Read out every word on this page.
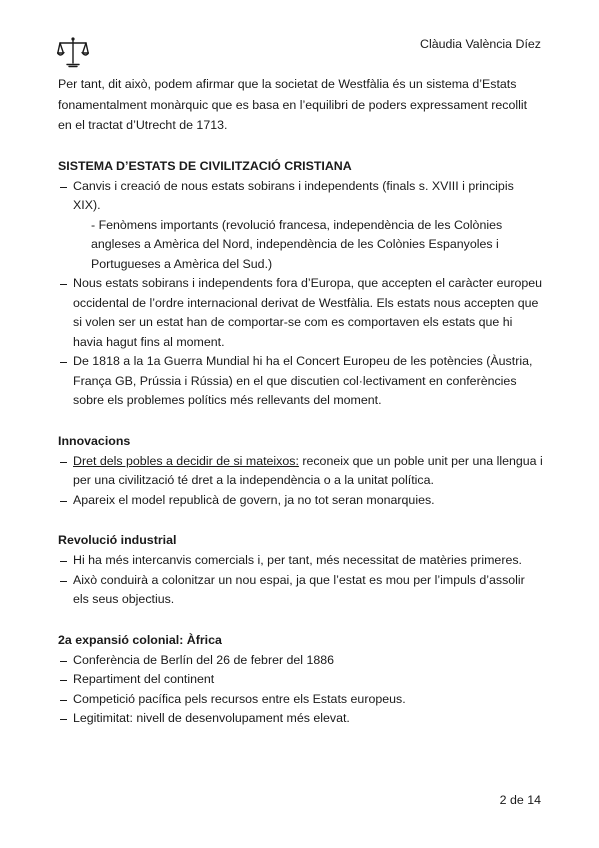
Clàudia València Díez

Per tant, dit això, podem afirmar que la societat de Westfàlia és un sistema d’Estats fonamentalment monàrquic que es basa en l’equilibri de poders expressament recollit en el tractat d’Utrecht de 1713.

SISTEMA D’ESTATS DE CIVILITZACIÓ CRISTIANA
Canvis i creació de nous estats sobirans i independents (finals s. XVIII i principis XIX).
- Fenòmens importants (revolució francesa, independència de les Colònies angleses a Amèrica del Nord, independència de les Colònies Espanyoles i Portugueses a Amèrica del Sud.)
Nous estats sobirans i independents fora d’Europa, que accepten el caràcter europeu occidental de l’ordre internacional derivat de Westfàlia. Els estats nous accepten que si volen ser un estat han de comportar-se com es comportaven els estats que hi havia hagut fins al moment.
De 1818 a la 1a Guerra Mundial hi ha el Concert Europeu de les potències (Àustria, França GB, Prússia i Rússia) en el que discutien col·lectivament en conferències sobre els problemes polítics més rellevants del moment.
Innovacions
Dret dels pobles a decidir de si mateixos: reconeix que un poble unit per una llengua i per una civilització té dret a la independència o a la unitat política.
Apareix el model republicà de govern, ja no tot seran monarquies.
Revolució industrial
Hi ha més intercanvis comercials i, per tant, més necessitat de matèries primeres.
Això conduirà a colonitzar un nou espai, ja que l’estat es mou per l’impuls d’assolir els seus objectius.
2a expansió colonial: Àfrica
Conferència de Berlín del 26 de febrer del 1886
Repartiment del continent
Competició pacífica pels recursos entre els Estats europeus.
Legitimitat: nivell de desenvolupament més elevat.
2 de 14
